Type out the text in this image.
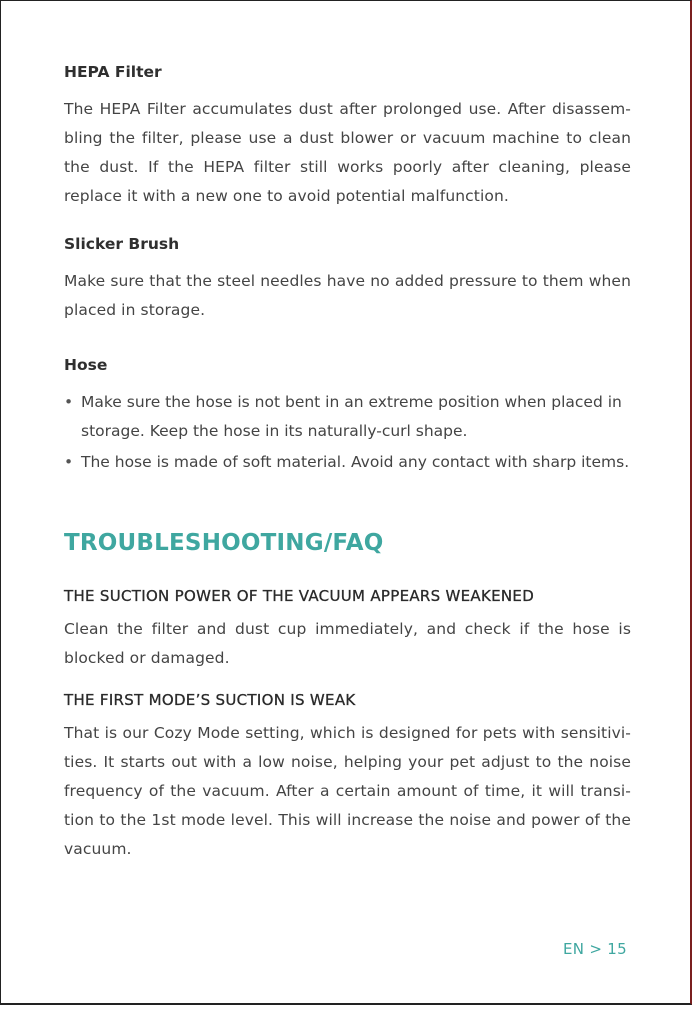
HEPA Filter

The HEPA Filter accumulates dust after prolonged use. After disassem-bling the filter, please use a dust blower or vacuum machine to clean the dust. If the HEPA filter still works poorly after cleaning, please replace it with a new one to avoid potential malfunction.

Slicker Brush

Make sure that the steel needles have no added pressure to them when placed in storage.

Hose
• Make sure the hose is not bent in an extreme position when placed in storage. Keep the hose in its naturally-curl shape.
• The hose is made of soft material. Avoid any contact with sharp items.
TROUBLESHOOTING/FAQ
THE SUCTION POWER OF THE VACUUM APPEARS WEAKENED

Clean the filter and dust cup immediately, and check if the hose is blocked or damaged.

THE FIRST MODE’S SUCTION IS WEAK

That is our Cozy Mode setting, which is designed for pets with sensitivi-ties. It starts out with a low noise, helping your pet adjust to the noise frequency of the vacuum. After a certain amount of time, it will transi-tion to the 1st mode level. This will increase the noise and power of the vacuum.

EN > 15
